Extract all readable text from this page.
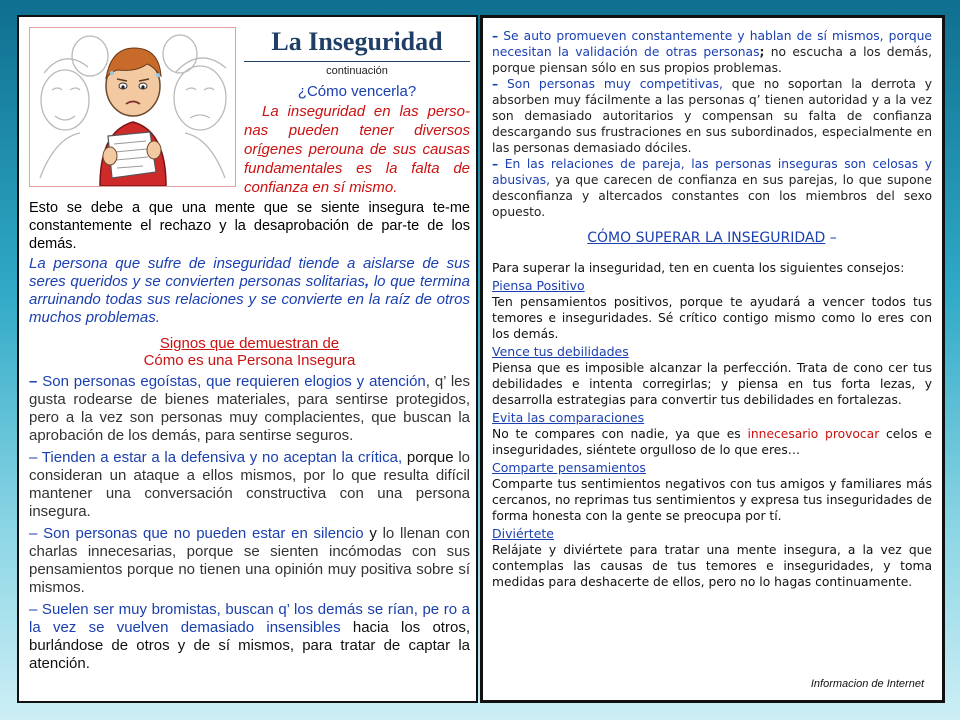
La Inseguridad

continuación

¿Cómo vencerla?

La inseguridad en las perso-nas pueden tener diversos orígenes perouna de sus causas fundamentales es la falta de confianza en sí mismo.

Esto se debe a que una mente que se siente insegura te-me constantemente el rechazo y la desaprobación de par-te de los demás.

La persona que sufre de inseguridad tiende a aislarse de sus seres queridos y se convierten personas solitarias, lo que termina arruinando todas sus relaciones y se convierte en la raíz de otros muchos problemas.

Signos que demuestran de
Cómo es una Persona Insegura

– Son personas egoístas, que requieren elogios y atención, q’ les gusta rodearse de bienes materiales, para sentirse protegidos, pero a la vez son personas muy complacientes, que buscan la aprobación de los demás, para sentirse seguros.

– Tienden a estar a la defensiva y no aceptan la crítica, porque lo consideran un ataque a ellos mismos, por lo que resulta difícil mantener una conversación constructiva con una persona insegura.

– Son personas que no pueden estar en silencio y lo llenan con charlas innecesarias, porque se sienten incómodas con sus pensamientos porque no tienen una opinión muy positiva sobre sí mismos.

– Suelen ser muy bromistas, buscan q’ los demás se rían, pe ro a la vez se vuelven demasiado insensibles hacia los otros, burlándose de otros y de sí mismos, para tratar de captar la atención.

– Se auto promueven constantemente y hablan de sí mismos, porque necesitan la validación de otras personas; no escucha a los demás, porque piensan sólo en sus propios problemas.

– Son personas muy competitivas, que no soportan la derrota y absorben muy fácilmente a las personas q’ tienen autoridad y a la vez son demasiado autoritarios y compensan su falta de confianza descargando sus frustraciones en sus subordinados, especialmente en las personas demasiado dóciles.

– En las relaciones de pareja, las personas inseguras son celosas y abusivas, ya que carecen de confianza en sus parejas, lo que supone desconfianza y altercados constantes con los miembros del sexo opuesto.

CÓMO SUPERAR LA INSEGURIDAD –

Para superar la inseguridad, ten en cuenta los siguientes consejos:

Piensa Positivo

Ten pensamientos positivos, porque te ayudará a vencer todos tus temores e inseguridades. Sé crítico contigo mismo como lo eres con los demás.

Vence tus debilidades

Piensa que es imposible alcanzar la perfección. Trata de cono cer tus debilidades e intenta corregirlas; y piensa en tus forta lezas, y desarrolla estrategias para convertir tus debilidades en fortalezas.

Evita las comparaciones

No te compares con nadie, ya que es innecesario provocar celos e inseguridades, siéntete orgulloso de lo que eres…

Comparte pensamientos

Comparte tus sentimientos negativos con tus amigos y familiares más cercanos, no reprimas tus sentimientos y expresa tus inseguridades de forma honesta con la gente se preocupa por tí.

Diviértete

Relájate y diviértete para tratar una mente insegura, a la vez que contemplas las causas de tus temores e inseguridades, y toma medidas para deshacerte de ellos, pero no lo hagas continuamente.

Informacion de Internet
